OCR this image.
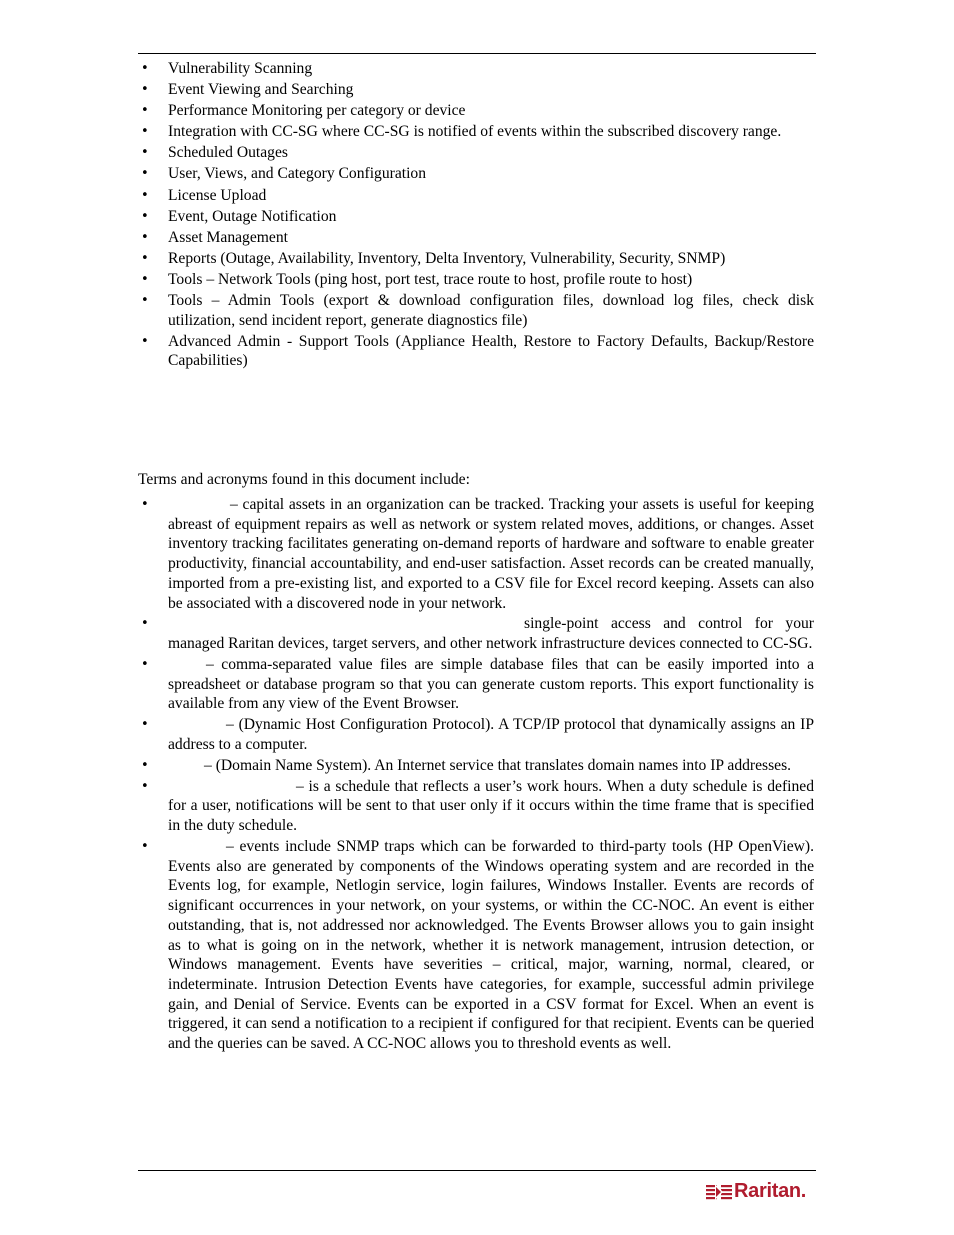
• Vulnerability Scanning
• Event Viewing and Searching
• Performance Monitoring per category or device
• Integration with CC-SG where CC-SG is notified of events within the subscribed discovery range.
• Scheduled Outages
• User, Views, and Category Configuration
• License Upload
• Event, Outage Notification
• Asset Management
• Reports (Outage, Availability, Inventory, Delta Inventory, Vulnerability, Security, SNMP)
• Tools – Network Tools (ping host, port test, trace route to host, profile route to host)
• Tools – Admin Tools (export & download configuration files, download log files, check disk utilization, send incident report, generate diagnostics file)
• Advanced Admin - Support Tools (Appliance Health, Restore to Factory Defaults, Backup/Restore Capabilities)

Terms and acronyms found in this document include:

• – capital assets in an organization can be tracked. Tracking your assets is useful for keeping abreast of equipment repairs as well as network or system related moves, additions, or changes. Asset inventory tracking facilitates generating on-demand reports of hardware and software to enable greater productivity, financial accountability, and end-user satisfaction. Asset records can be created manually, imported from a pre-existing list, and exported to a CSV file for Excel record keeping. Assets can also be associated with a discovered node in your network.
• single-point access and control for your managed Raritan devices, target servers, and other network infrastructure devices connected to CC-SG.
• – comma-separated value files are simple database files that can be easily imported into a spreadsheet or database program so that you can generate custom reports. This export functionality is available from any view of the Event Browser.
• – (Dynamic Host Configuration Protocol). A TCP/IP protocol that dynamically assigns an IP address to a computer.
• – (Domain Name System). An Internet service that translates domain names into IP addresses.
• – is a schedule that reflects a user’s work hours. When a duty schedule is defined for a user, notifications will be sent to that user only if it occurs within the time frame that is specified in the duty schedule.
• – events include SNMP traps which can be forwarded to third-party tools (HP OpenView). Events also are generated by components of the Windows operating system and are recorded in the Events log, for example, Netlogin service, login failures, Windows Installer. Events are records of significant occurrences in your network, on your systems, or within the CC-NOC. An event is either outstanding, that is, not addressed nor acknowledged. The Events Browser allows you to gain insight as to what is going on in the network, whether it is network management, intrusion detection, or Windows management. Events have severities – critical, major, warning, normal, cleared, or indeterminate. Intrusion Detection Events have categories, for example, successful admin privilege gain, and Denial of Service. Events can be exported in a CSV format for Excel. When an event is triggered, it can send a notification to a recipient if configured for that recipient. Events can be queried and the queries can be saved. A CC-NOC allows you to threshold events as well.
Raritan.
